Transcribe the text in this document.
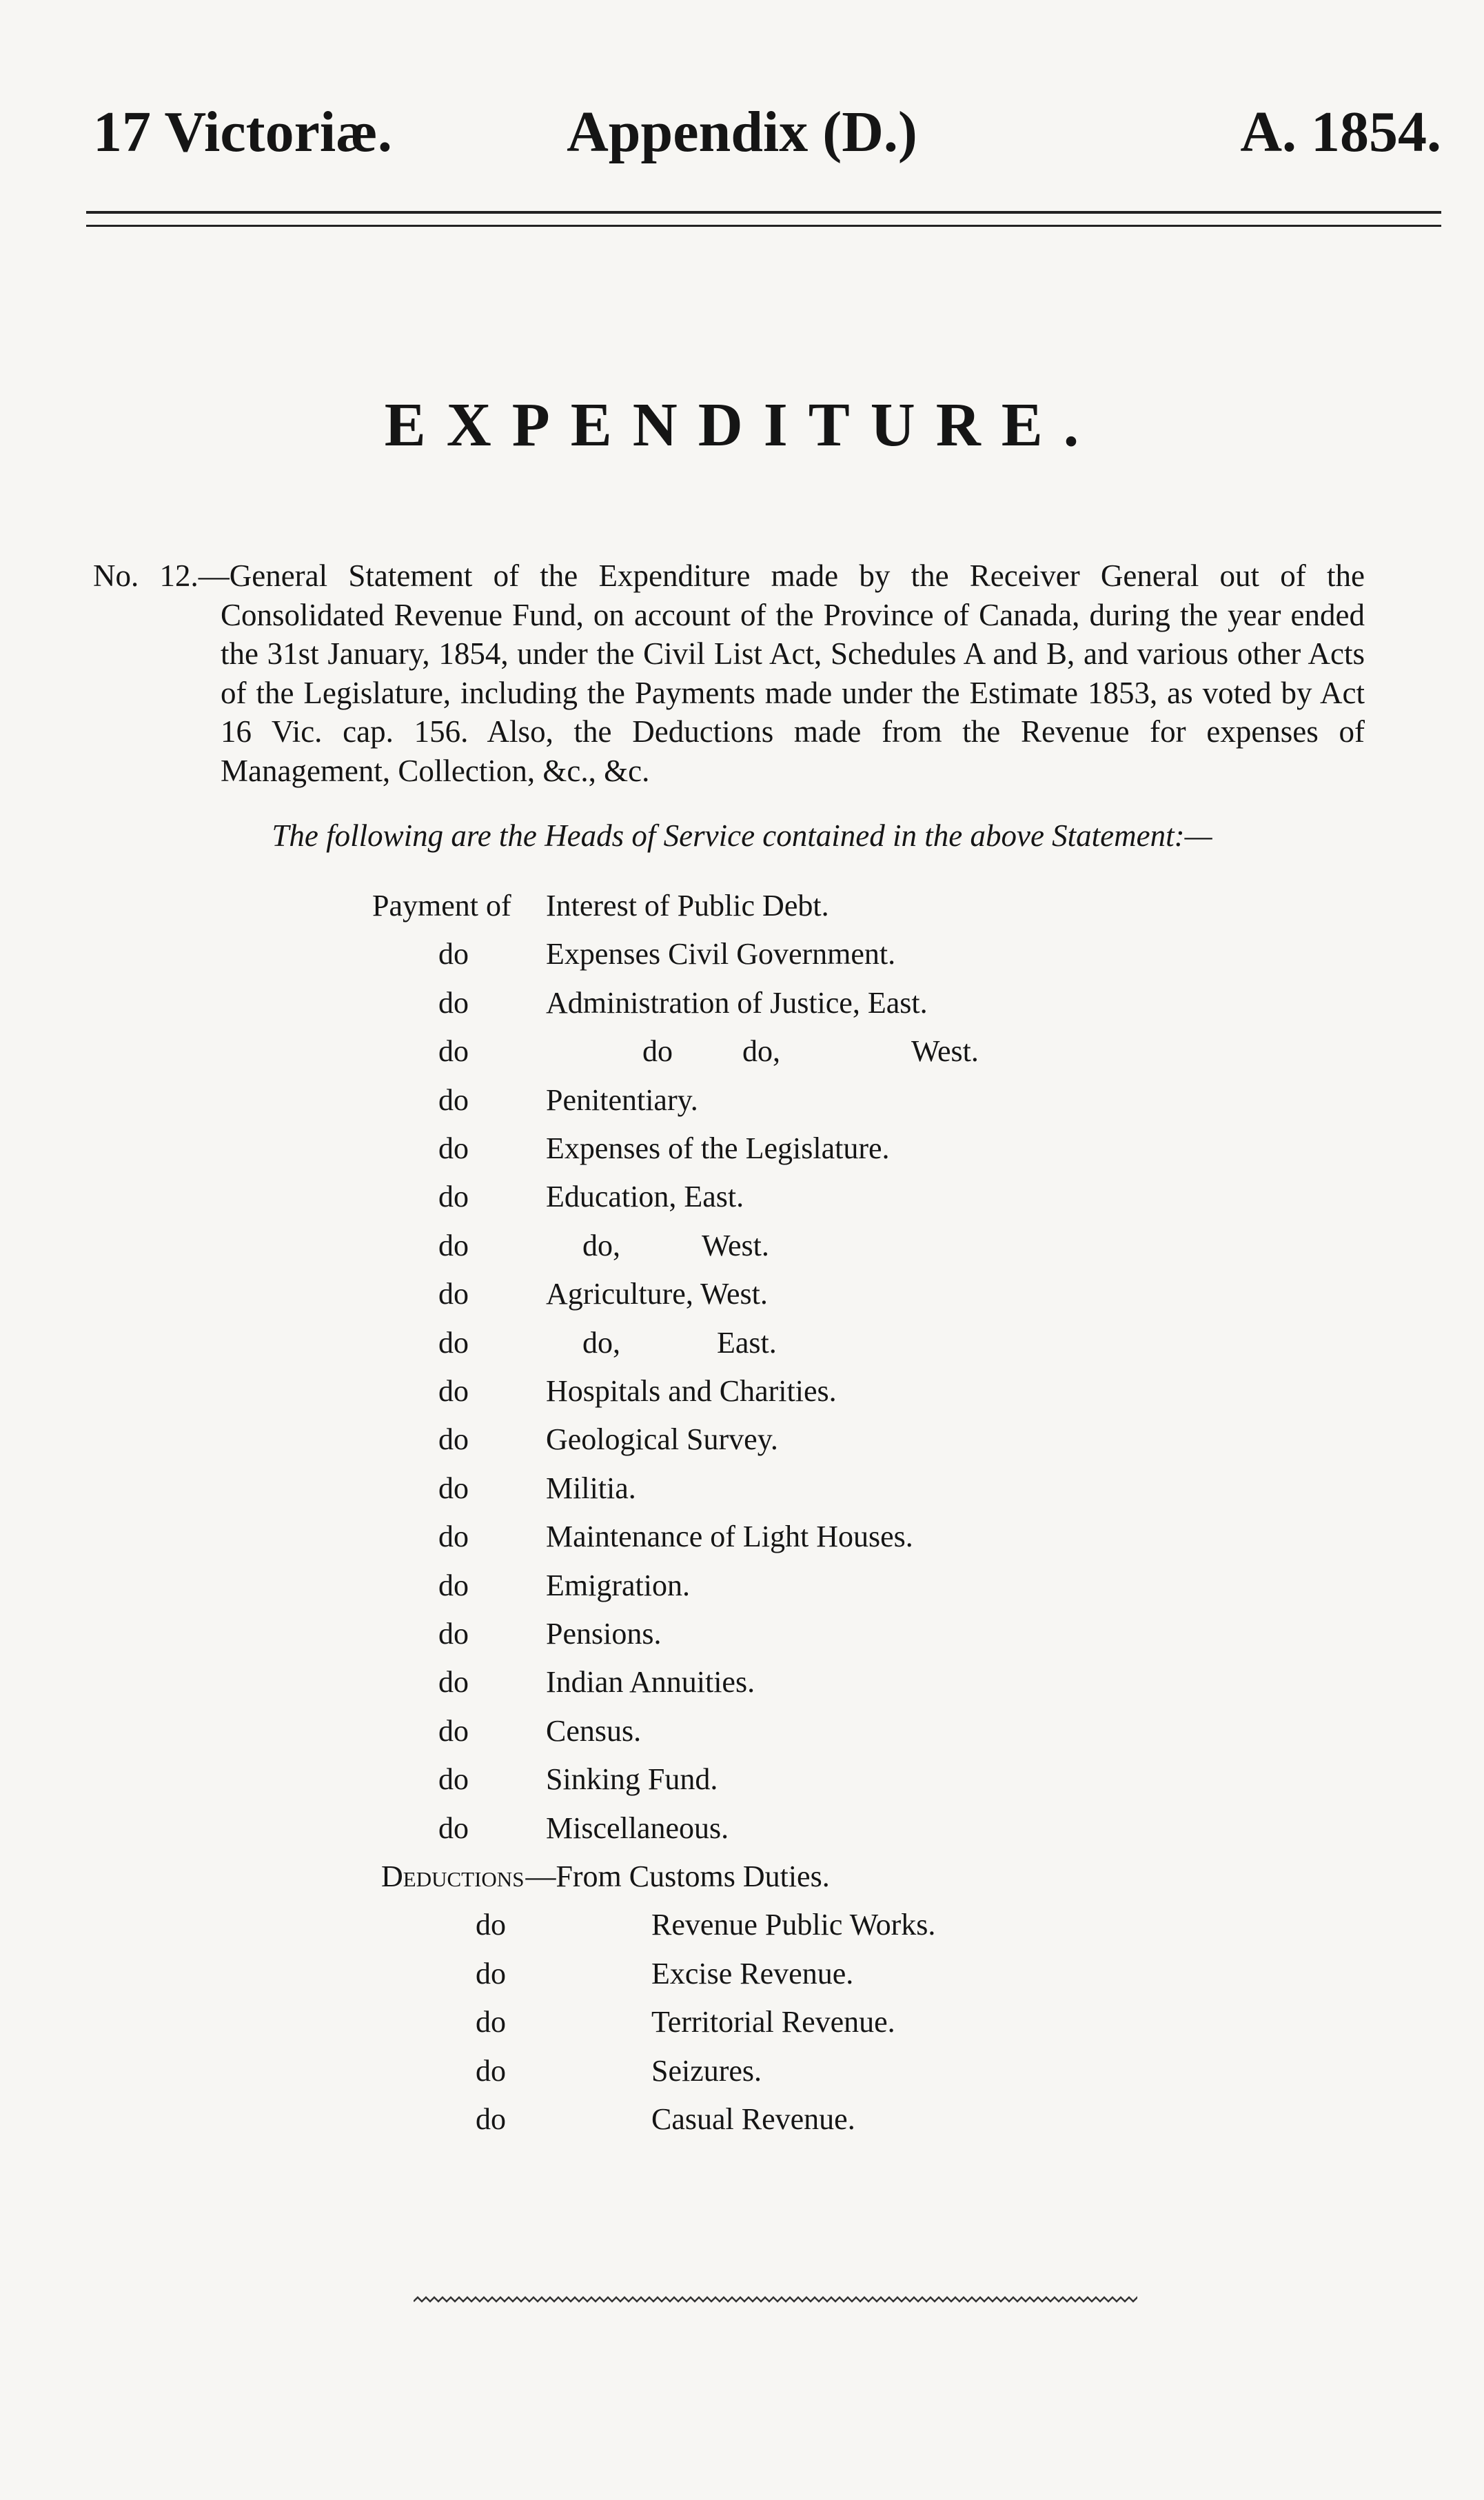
17 Victoriæ.	Appendix (D.)	A. 1854.
EXPENDITURE.

No. 12.—General Statement of the Expenditure made by the Receiver General out of the Consolidated Revenue Fund, on account of the Province of Canada, during the year ended the 31st January, 1854, under the Civil List Act, Schedules A and B, and various other Acts of the Legislature, including the Payments made under the Estimate 1853, as voted by Act 16 Vic. cap. 156. Also, the Deductions made from the Revenue for expenses of Management, Collection, &c., &c.

The following are the Heads of Service contained in the above Statement:—
Payment of Interest of Public Debt.
do	Expenses Civil Government.
do	Administration of Justice, East.
do	do do,	West.
do	Penitentiary.
do	Expenses of the Legislature.
do	Education, East.
do	do,	West.
do	Agriculture, West.
do	do,	East.
do	Hospitals and Charities.
do	Geological Survey.
do	Militia.
do	Maintenance of Light Houses.
do	Emigration.
do	Pensions.
do	Indian Annuities.
do	Census.
do	Sinking Fund.
do	Miscellaneous.
Deductions —From Customs Duties.
do	Revenue Public Works.
do	Excise Revenue.
do	Territorial Revenue.
do	Seizures.
do	Casual Revenue.
